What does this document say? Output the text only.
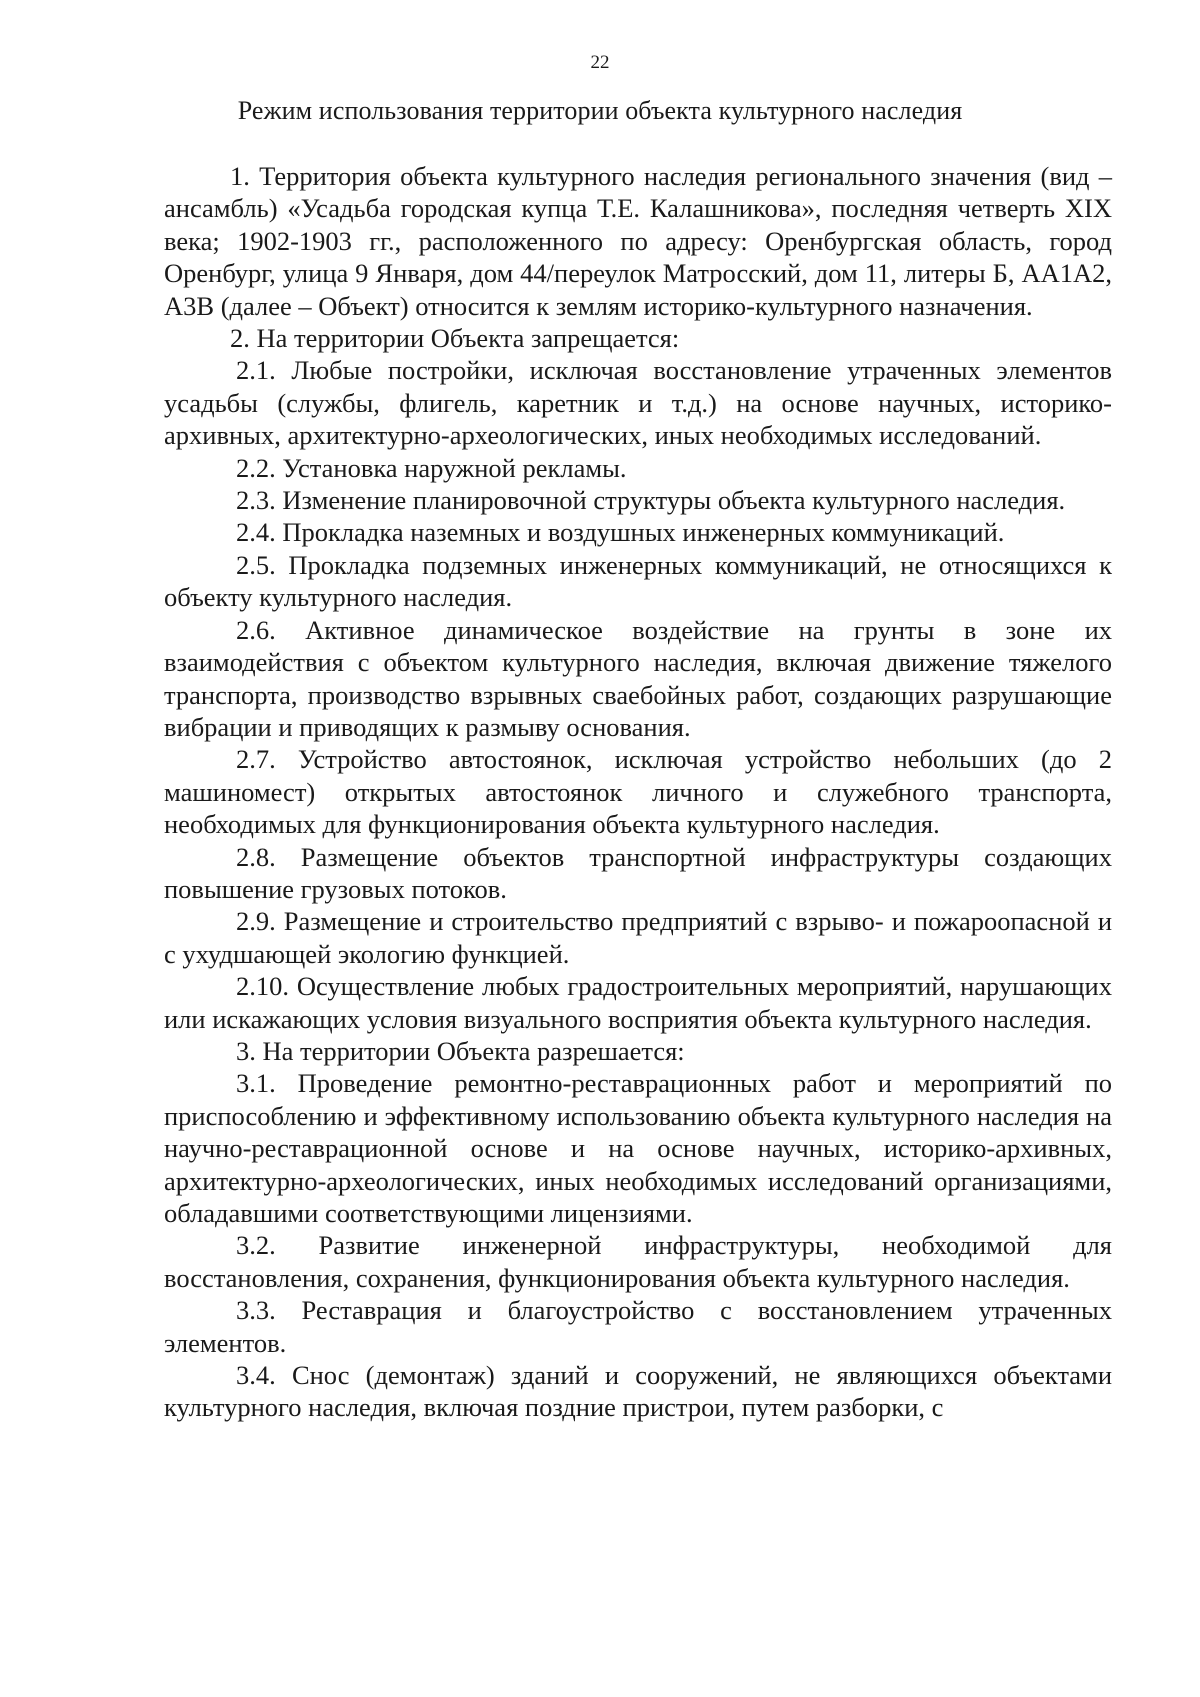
22
Режим использования территории объекта культурного наследия

1. Территория объекта культурного наследия регионального значения (вид – ансамбль) «Усадьба городская купца Т.Е. Калашникова», последняя четверть XIX века; 1902-1903 гг., расположенного по адресу: Оренбургская область, город Оренбург, улица 9 Января, дом 44/переулок Матросский, дом 11, литеры Б, АА1А2, А3В (далее – Объект) относится к землям историко-культурного назначения.

2. На территории Объекта запрещается:

2.1. Любые постройки, исключая восстановление утраченных элементов усадьбы (службы, флигель, каретник и т.д.) на основе научных, историко- архивных, архитектурно-археологических, иных необходимых исследований.

2.2. Установка наружной рекламы.

2.3. Изменение планировочной структуры объекта культурного наследия.

2.4. Прокладка наземных и воздушных инженерных коммуникаций.

2.5. Прокладка подземных инженерных коммуникаций, не относящихся к объекту культурного наследия.

2.6. Активное динамическое воздействие на грунты в зоне их взаимодействия с объектом культурного наследия, включая движение тяжелого транспорта, производство взрывных сваебойных работ, создающих разрушающие вибрации и приводящих к размыву основания.

2.7. Устройство автостоянок, исключая устройство небольших (до 2 машиномест) открытых автостоянок личного и служебного транспорта, необходимых для функционирования объекта культурного наследия.

2.8. Размещение объектов транспортной инфраструктуры создающих повышение грузовых потоков.

2.9. Размещение и строительство предприятий с взрыво- и пожароопасной и с ухудшающей экологию функцией.

2.10. Осуществление любых градостроительных мероприятий, нарушающих или искажающих условия визуального восприятия объекта культурного наследия.

3. На территории Объекта разрешается:

3.1. Проведение ремонтно-реставрационных работ и мероприятий по приспособлению и эффективному использованию объекта культурного наследия на научно-реставрационной основе и на основе научных, историко-архивных, архитектурно-археологических, иных необходимых исследований организациями, обладавшими соответствующими лицензиями.

3.2. Развитие инженерной инфраструктуры, необходимой для восстановления, сохранения, функционирования объекта культурного наследия.

3.3. Реставрация и благоустройство с восстановлением утраченных элементов.

3.4. Снос (демонтаж) зданий и сооружений, не являющихся объектами культурного наследия, включая поздние пристрои, путем разборки, с
